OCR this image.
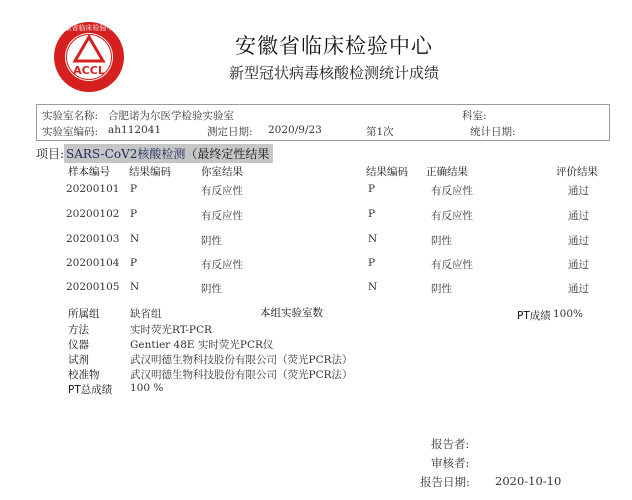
安徽省临床检验中心
ACCL
安徽省临床检验中心
新型冠状病毒核酸检测统计成绩
实验室名称: 合肥诺为尔医学检验实验室	科室:
实验室编码: ah112041	测定日期: 2020/9/23	第1次	统计日期:
项目: SARS-CoV2核酸检测（最终定性结果
样本编号 结果编码	你室结果	结果编码 正确结果	评价结果
20200101 P	有反应性	P	有反应性	通过
20200102 P	有反应性	P	有反应性	通过
20200103 N	阴性	N	阴性	通过
20200104 P	有反应性	P	有反应性	通过
20200105 N	阴性	N	阴性	通过
所属组	缺省组	本组实验室数	PT成绩 100%
方法	实时荧光RT-PCR
仪器	Gentier 48E 实时荧光PCR仪
试剂	武汉明德生物科技股份有限公司（荧光PCR法）
校准物	武汉明德生物科技股份有限公司（荧光PCR法）
PT总成绩 100 %
报告者:
审核者:
报告日期: 2020-10-10
